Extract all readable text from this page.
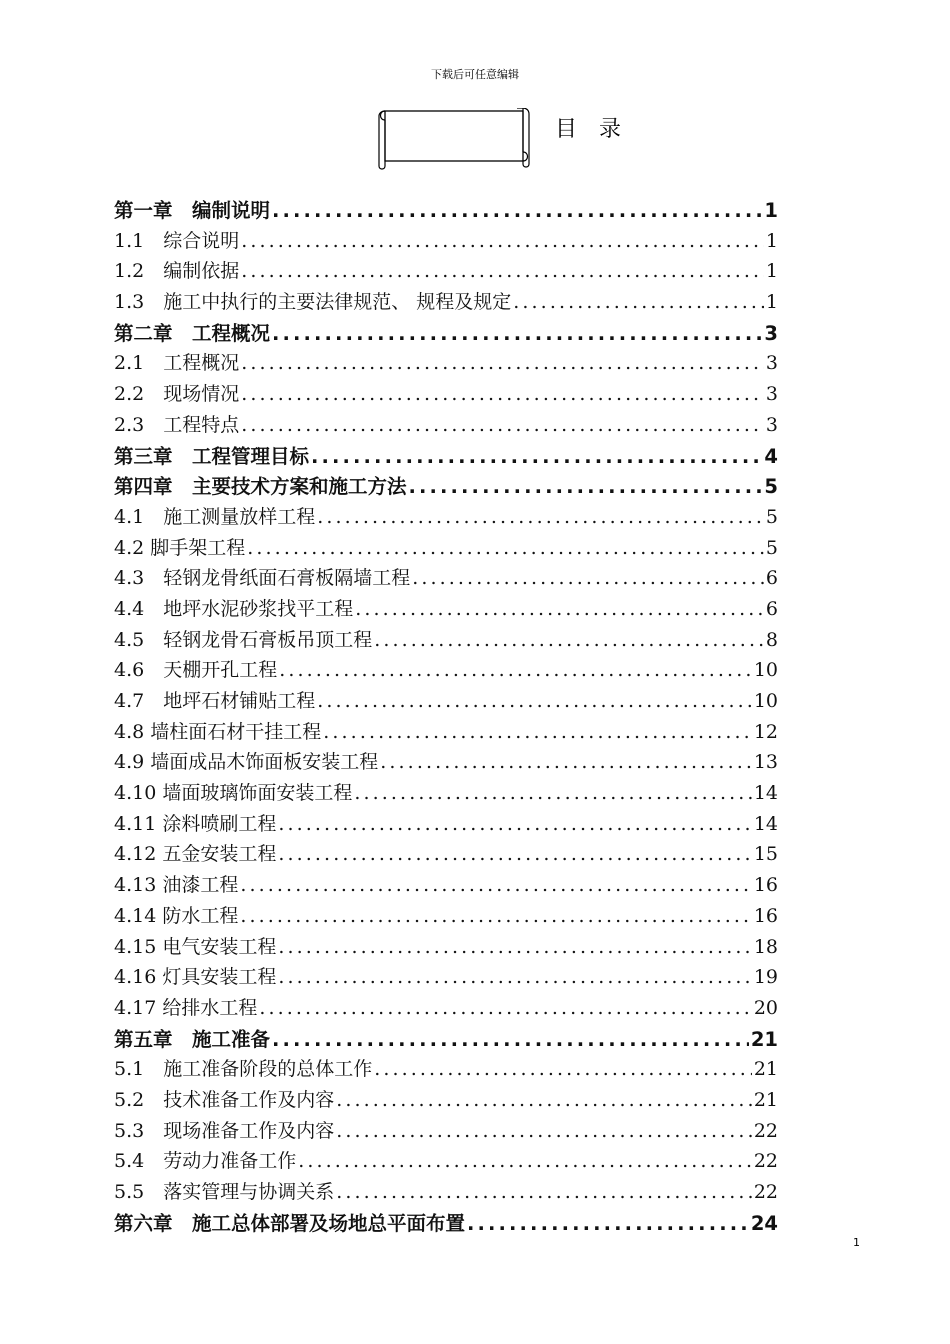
下载后可任意编辑
目 录
第一章　编制说明 .....	1
1.1　综合说明 .....	1
1.2　编制依据 .....	1
1.3　施工中执行的主要法律规范、 规程及规定 .....	1
第二章　工程概况 .....	3
2.1　工程概况 .....	3
2.2　现场情况 .....	3
2.3　工程特点 .....	3
第三章　工程管理目标 .....	4
第四章　主要技术方案和施工方法 .....	5
4.1　施工测量放样工程 .....	5
4.2 脚手架工程 .....	5
4.3　轻钢龙骨纸面石膏板隔墙工程 .....	6
4.4　地坪水泥砂浆找平工程 .....	6
4.5　轻钢龙骨石膏板吊顶工程 .....	8
4.6　天棚开孔工程 .....	10
4.7　地坪石材铺贴工程 .....	10
4.8 墙柱面石材干挂工程 .....	12
4.9 墙面成品木饰面板安装工程 .....	13
4.10 墙面玻璃饰面安装工程 .....	14
4.11 涂料喷刷工程 .....	14
4.12 五金安装工程 .....	15
4.13 油漆工程 .....	16
4.14 防水工程 .....	16
4.15 电气安装工程 .....	18
4.16 灯具安装工程 .....	19
4.17 给排水工程 .....	20
第五章　施工准备 .....	21
5.1　施工准备阶段的总体工作 .....	21
5.2　技术准备工作及内容 .....	21
5.3　现场准备工作及内容 .....	22
5.4　劳动力准备工作 .....	22
5.5　落实管理与协调关系 .....	22
第六章　施工总体部署及场地总平面布置 .....	24
1
